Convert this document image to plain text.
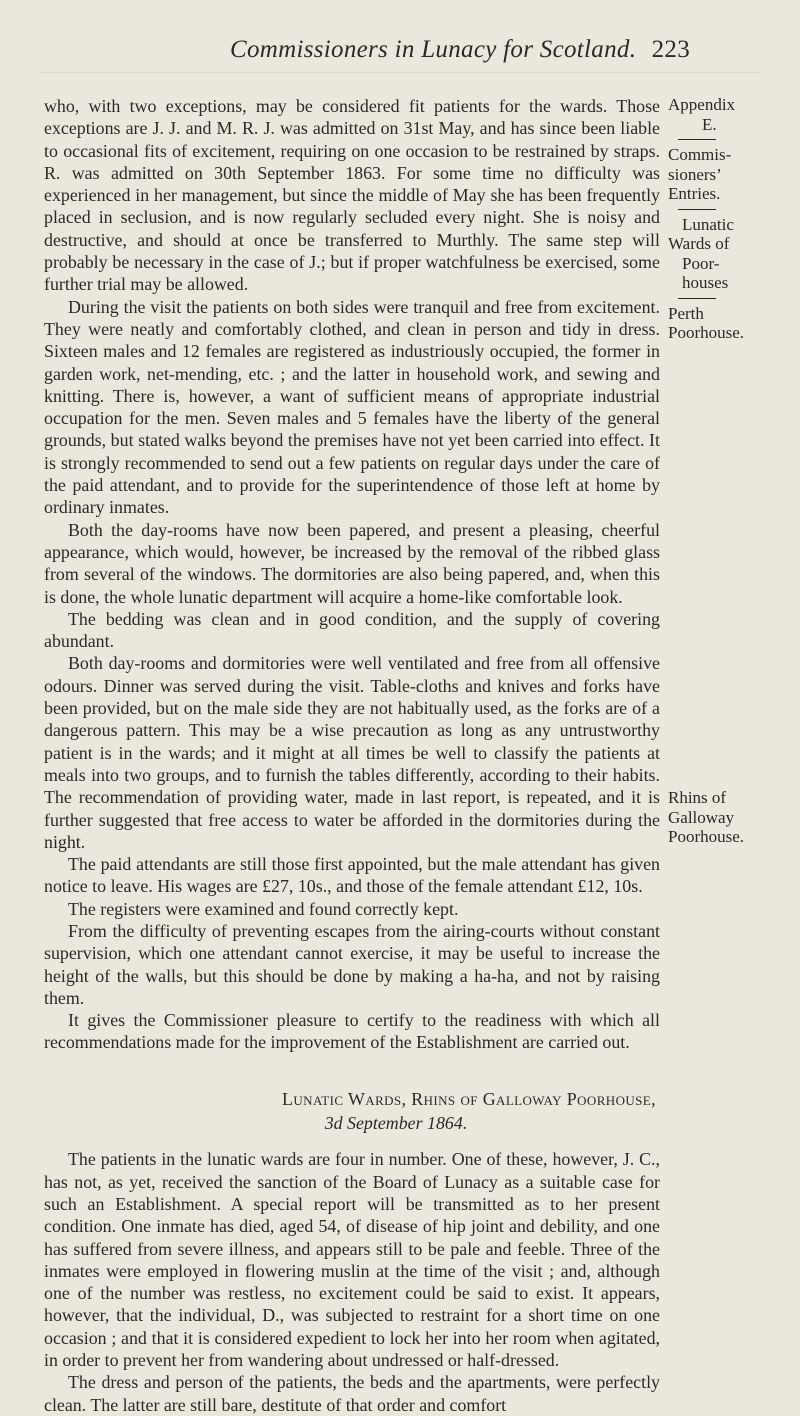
Commissioners in Lunacy for Scotland. 223

who, with two exceptions, may be considered fit patients for the wards. Those exceptions are J. J. and M. R. J. was admitted on 31st May, and has since been liable to occasional fits of excitement, requiring on one occasion to be restrained by straps. R. was admitted on 30th September 1863. For some time no difficulty was experienced in her management, but since the middle of May she has been frequently placed in seclusion, and is now regularly secluded every night. She is noisy and destructive, and should at once be transferred to Murthly. The same step will probably be necessary in the case of J.; but if proper watchfulness be exercised, some further trial may be allowed.

During the visit the patients on both sides were tranquil and free from excitement. They were neatly and comfortably clothed, and clean in person and tidy in dress. Sixteen males and 12 females are registered as industriously occupied, the former in garden work, net-mending, etc. ; and the latter in household work, and sewing and knitting. There is, however, a want of sufficient means of appropriate industrial occupation for the men. Seven males and 5 females have the liberty of the general grounds, but stated walks beyond the premises have not yet been carried into effect. It is strongly recommended to send out a few patients on regular days under the care of the paid attendant, and to provide for the superintendence of those left at home by ordinary inmates.

Both the day-rooms have now been papered, and present a pleasing, cheerful appearance, which would, however, be increased by the removal of the ribbed glass from several of the windows. The dormitories are also being papered, and, when this is done, the whole lunatic department will acquire a home-like comfortable look.

The bedding was clean and in good condition, and the supply of covering abundant.

Both day-rooms and dormitories were well ventilated and free from all offensive odours. Dinner was served during the visit. Table-cloths and knives and forks have been provided, but on the male side they are not habitually used, as the forks are of a dangerous pattern. This may be a wise precaution as long as any untrustworthy patient is in the wards; and it might at all times be well to classify the patients at meals into two groups, and to furnish the tables differently, according to their habits. The recommendation of providing water, made in last report, is repeated, and it is further suggested that free access to water be afforded in the dormitories during the night.

The paid attendants are still those first appointed, but the male attendant has given notice to leave. His wages are £27, 10s., and those of the female attendant £12, 10s.

The registers were examined and found correctly kept.

From the difficulty of preventing escapes from the airing-courts without constant supervision, which one attendant cannot exercise, it may be useful to increase the height of the walls, but this should be done by making a ha-ha, and not by raising them.

It gives the Commissioner pleasure to certify to the readiness with which all recommendations made for the improvement of the Establishment are carried out.

Lunatic Wards, Rhins of Galloway Poorhouse,
3d September 1864.

The patients in the lunatic wards are four in number. One of these, however, J. C., has not, as yet, received the sanction of the Board of Lunacy as a suitable case for such an Establishment. A special report will be transmitted as to her present condition. One inmate has died, aged 54, of disease of hip joint and debility, and one has suffered from severe illness, and appears still to be pale and feeble. Three of the inmates were employed in flowering muslin at the time of the visit ; and, although one of the number was restless, no excitement could be said to exist. It appears, however, that the individual, D., was subjected to restraint for a short time on one occasion ; and that it is considered expedient to lock her into her room when agitated, in order to prevent her from wandering about undressed or half-dressed.

The dress and person of the patients, the beds and the apartments, were perfectly clean. The latter are still bare, destitute of that order and comfort

Appendix
E.
Commis-
sioners’
Entries.
Lunatic
Wards of
Poor-
houses
Perth
Poorhouse.
Rhins of
Galloway
Poorhouse.
